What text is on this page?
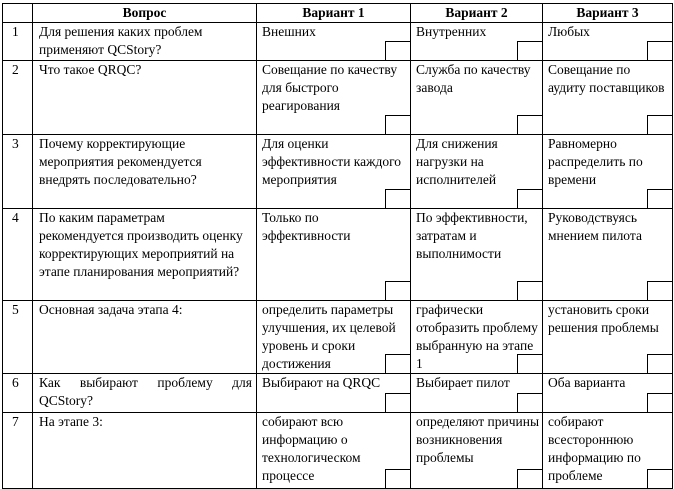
	Вопрос	Вариант 1	Вариант 2	Вариант 3
1	Для решения каких проблем применяют QCStory?	Внешних	Внутренних	Любых

2	Что такое QRQC?	Совещание по качеству для быстрого реагирования	Служба по качеству завода	Совещание по аудиту поставщиков

3	Почему корректирующие мероприятия рекомендуется внедрять последовательно?	Для оценки эффективности каждого мероприятия	Для снижения нагрузки на исполнителей	Равномерно распределить по времени

4	По каким параметрам рекомендуется производить оценку корректирующих мероприятий на этапе планирования мероприятий?	Только по эффективности	По эффективности, затратам и выполнимости	Руководствуясь мнением пилота

5	Основная задача этапа 4:	определить параметры улучшения, их целевой уровень и сроки достижения	графически отобразить проблему выбранную на этапе 1	установить сроки решения проблемы

6	Как выбирают проблему для QCStory?	Выбирают на QRQC	Выбирает пилот	Оба варианта

7	На этапе 3:	собирают всю информацию о технологическом процессе	определяют причины возникновения проблемы	собирают всестороннюю информацию по проблеме
